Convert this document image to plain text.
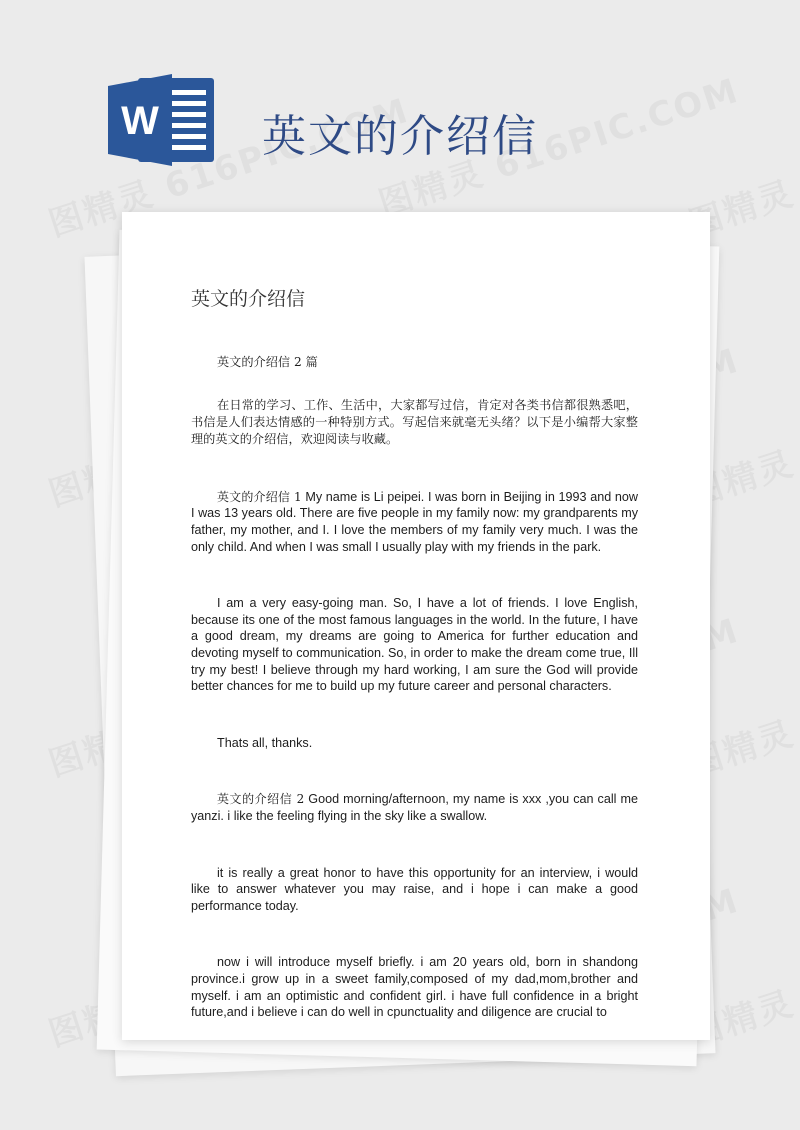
W 英文的介绍信
英文的介绍信

英文的介绍信 2 篇

在日常的学习、工作、生活中，大家都写过信，肯定对各类书信都很熟悉吧，书信是人们表达情感的一种特别方式。写起信来就毫无头绪？以下是小编帮大家整理的英文的介绍信，欢迎阅读与收藏。

英文的介绍信 1 My name is Li peipei. I was born in Beijing in 1993 and now I was 13 years old. There are five people in my family now: my grandparents my father, my mother, and I. I love the members of my family very much. I was the only child. And when I was small I usually play with my friends in the park.

I am a very easy-going man. So, I have a lot of friends. I love English, because its one of the most famous languages in the world. In the future, I have a good dream, my dreams are going to America for further education and devoting myself to communication. So, in order to make the dream come true, Ill try my best! I believe through my hard working, I am sure the God will provide better chances for me to build up my future career and personal characters.

Thats all, thanks.

英文的介绍信 2 Good morning/afternoon, my name is xxx ,you can call me yanzi. i like the feeling flying in the sky like a swallow.

it is really a great honor to have this opportunity for an interview, i would like to answer whatever you may raise, and i hope i can make a good performance today.

now i will introduce myself briefly. i am 20 years old, born in shandong province.i grow up in a sweet family,composed of my dad,mom,brother and myself. i am an optimistic and confident girl. i have full confidence in a bright future,and i believe i can do well in cpunctuality and diligence are crucial to
